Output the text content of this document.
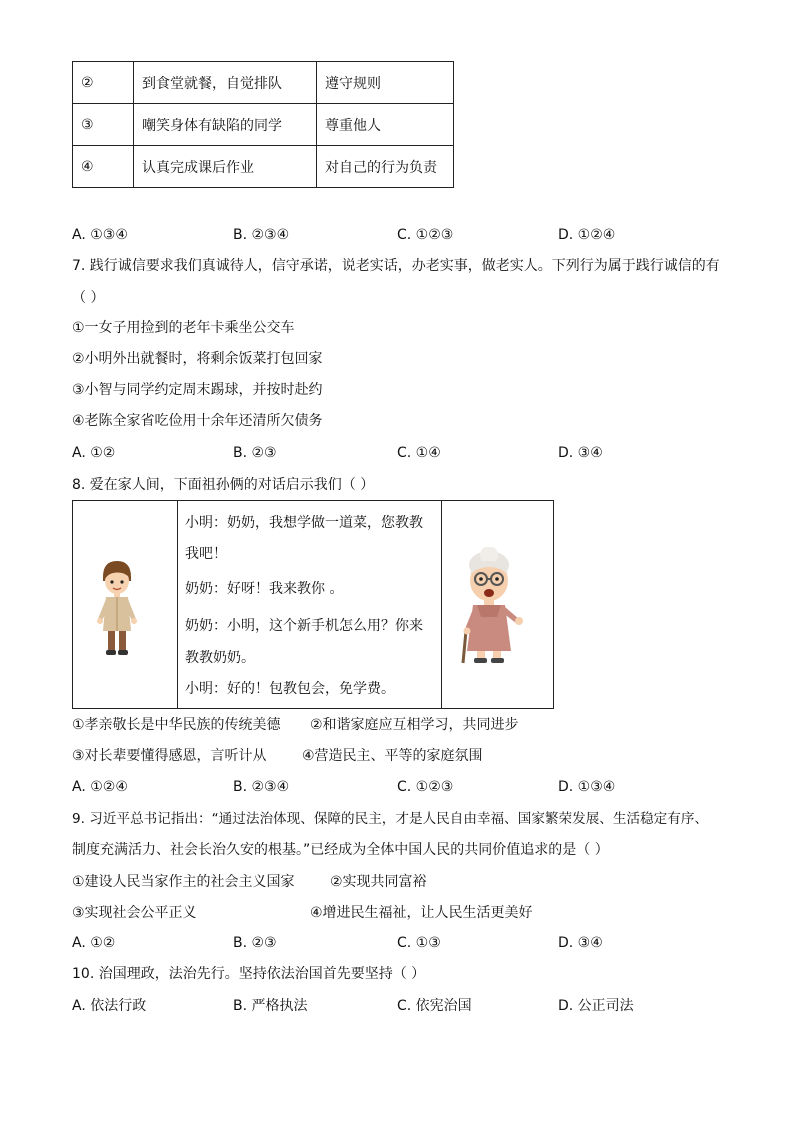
②	到食堂就餐，自觉排队	遵守规则
③	嘲笑身体有缺陷的同学	尊重他人
④	认真完成课后作业	对自己的行为负责
A. ①③④	B. ②③④	C. ①②③	D. ①②④
7. 践行诚信要求我们真诚待人，信守承诺，说老实话，办老实事，做老实人。下列行为属于践行诚信的有
（ ）
①一女子用捡到的老年卡乘坐公交车
②小明外出就餐时，将剩余饭菜打包回家
③小智与同学约定周末踢球，并按时赴约
④老陈全家省吃俭用十余年还清所欠债务
A. ①②	B. ②③	C. ①④	D. ③④
8. 爱在家人间，下面祖孙俩的对话启示我们（ ）
小明：奶奶，我想学做一道菜，您教教
我吧！
奶奶：好呀！我来教你 。
奶奶：小明，这个新手机怎么用？你来
教教奶奶。
小明：好的！包教包会，免学费。
①孝亲敬长是中华民族的传统美德 ②和谐家庭应互相学习，共同进步
③对长辈要懂得感恩，言听计从	④营造民主、平等的家庭氛围
A. ①②④	B. ②③④	C. ①②③	D. ①③④
9. 习近平总书记指出：“通过法治体现、保障的民主，才是人民自由幸福、国家繁荣发展、生活稳定有序、
制度充满活力、社会长治久安的根基。”已经成为全体中国人民的共同价值追求的是（ ）
①建设人民当家作主的社会主义国家	②实现共同富裕
③实现社会公平正义	④增进民生福祉，让人民生活更美好
A. ①②	B. ②③	C. ①③	D. ③④
10. 治国理政，法治先行。坚持依法治国首先要坚持（ ）
A. 依法行政	B. 严格执法	C. 依宪治国	D. 公正司法
